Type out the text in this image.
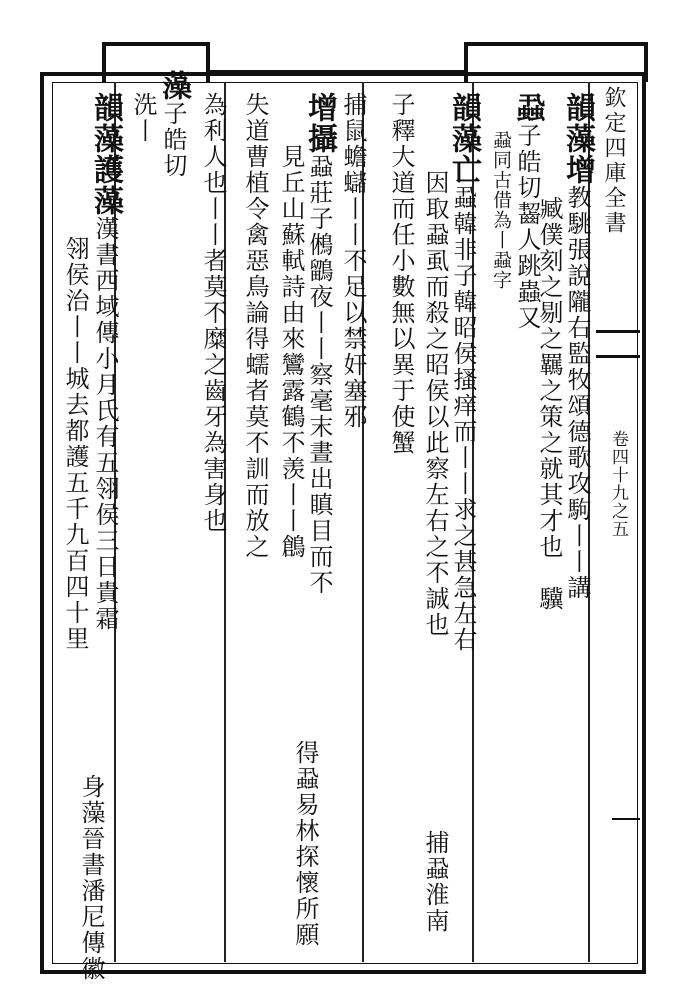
欽定四庫全書
卷四十九之五
韻藻增教駣張說隴右監牧頌德歌攻駒丨丨講
　　　　臧僕刻之剔之羈之策之就其才也　驥
蝨子皓切齧人跳蟲又
蝨同古借為丨蝨字
韻藻亡蝨韓非子韓昭侯搔痒而丨丨求之甚急左右
　　　因取蝨虱而殺之昭侯以此察左右之不誠也
捕蝨淮南
子釋大道而任小數無以異于使蟹
捕鼠蟾蠩丨丨不足以禁奸塞邪
增攝蝨莊子鵂鶹夜丨丨察毫末晝出瞋目而不
　　見丘山蘇軾詩由來鸞露鶴不羡丨丨鶬
得蝨易林探懷所願
失道曹植令禽惡鳥論得蠕者莫不訓而放之
為利人也丨丨者莫不糜之齒牙為害身也
藻子皓切
洗丨
韻藻護藻漢書西域傳小月氏有五翎侯三日貴霜
翎侯治丨丨城去都護五千九百四十里
身藻晉書潘尼傳徽
